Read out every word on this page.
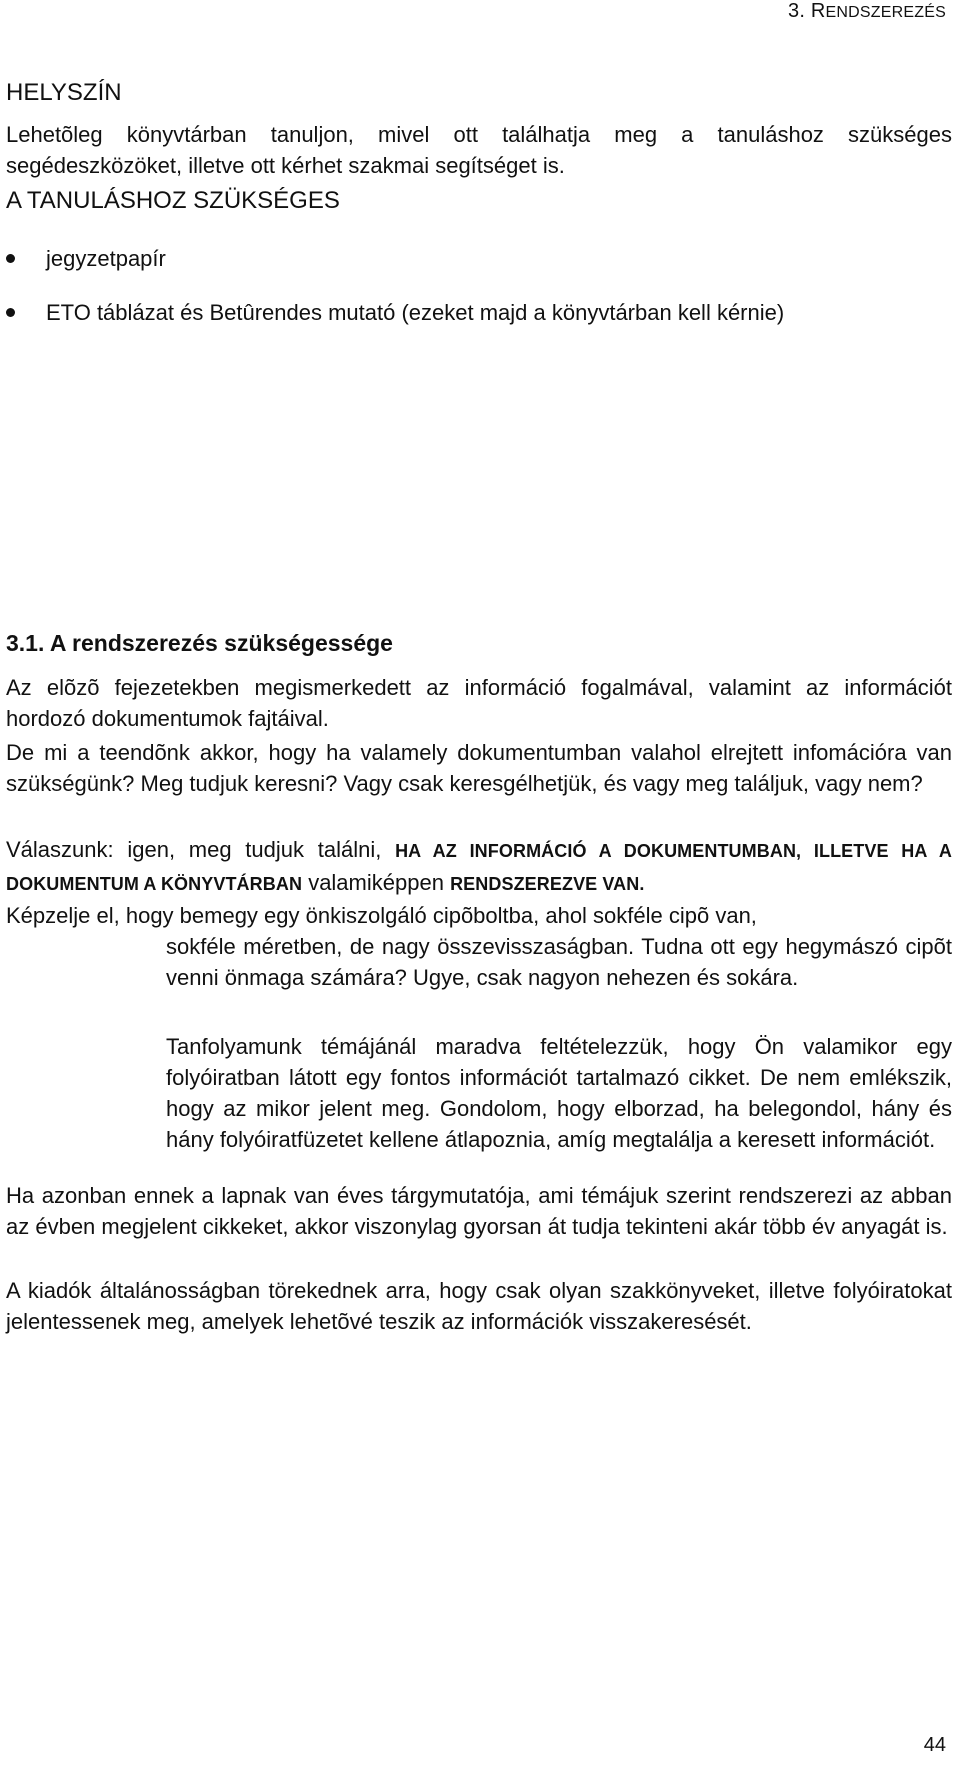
3. RENDSZEREZÉS
HELYSZÍN
Lehetõleg könyvtárban tanuljon, mivel ott találhatja meg a tanuláshoz szükséges segédeszközöket, illetve ott kérhet szakmai segítséget is.
A TANULÁSHOZ SZÜKSÉGES
jegyzetpapír
ETO táblázat és Betûrendes mutató (ezeket majd a könyvtárban kell kérnie)
3.1. A rendszerezés szükségessége
Az elõzõ fejezetekben megismerkedett az információ fogalmával, valamint az információt hordozó dokumentumok fajtáival.
De mi a teendõnk akkor, hogy ha valamely dokumentumban valahol elrejtett infomációra van szükségünk? Meg tudjuk keresni? Vagy csak keresgélhetjük, és vagy meg találjuk, vagy nem?
Válaszunk: igen, meg tudjuk találni, HA AZ INFORMÁCIÓ A DOKUMENTUMBAN, ILLETVE HA A DOKUMENTUM A KÖNYVTÁRBAN valamiképpen RENDSZEREZVE VAN.
Képzelje el, hogy bemegy egy önkiszolgáló cipõboltba, ahol sokféle cipõ van,
sokféle méretben, de nagy összevisszaságban. Tudna ott egy hegymászó cipõt venni önmaga számára? Ugye, csak nagyon nehezen és sokára.
Tanfolyamunk témájánál maradva feltételezzük, hogy Ön valamikor egy folyóiratban látott egy fontos információt tartalmazó cikket. De nem emlékszik, hogy az mikor jelent meg. Gondolom, hogy elborzad, ha belegondol, hány és hány folyóiratfüzetet kellene átlapoznia, amíg megtalálja a keresett információt.
Ha azonban ennek a lapnak van éves tárgymutatója, ami témájuk szerint rendszerezi az abban az évben megjelent cikkeket, akkor viszonylag gyorsan át tudja tekinteni akár több év anyagát is.
A kiadók általánosságban törekednek arra, hogy csak olyan szakkönyveket, illetve folyóiratokat jelentessenek meg, amelyek lehetõvé teszik az információk visszakeresését.
44
